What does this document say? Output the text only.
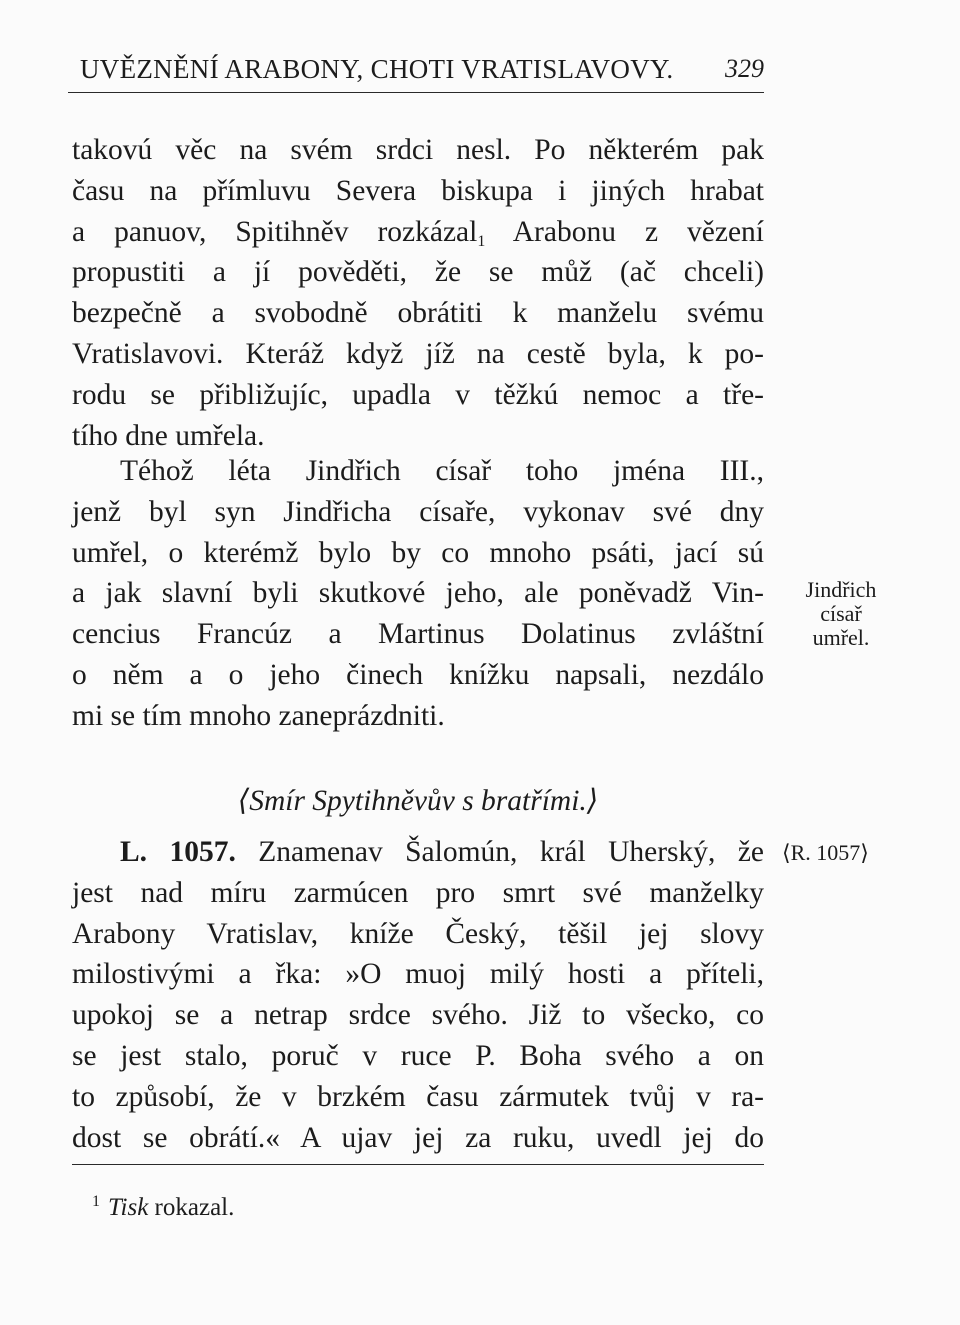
UVĚZNĚNÍ ARABONY, CHOTI VRATISLAVOVY. 329
takovú věc na svém srdci nesl. Po některém pak
času na přímluvu Severa biskupa i jiných hrabat
a panuov, Spitihněv rozkázal$_1$ Arabonu z vězení
propustiti a jí pověděti, že se můž (ač chceli)
bezpečně a svobodně obrátiti k manželu svému
Vratislavovi. Kteráž když jíž na cestě byla, k po-
rodu se přibližujíc, upadla v těžkú nemoc a tře-
tího dne umřela.
Téhož léta Jindřich císař toho jména III.,
jenž byl syn Jindřicha císaře, vykonav své dny
umřel, o kterémž bylo by co mnoho psáti, jací sú
a jak slavní byli skutkové jeho, ale poněvadž Vin-
cencius Francúz a Martinus Dolatinus zvláštní
o něm a o jeho činech knížku napsali, nezdálo
mi se tím mnoho zaneprázdniti.
Jindřich
císař
umřel.
⟨Smír Spytihněvův s bratřími.⟩
⟨R. 1057⟩
L. 1057. Znamenav Šalomún, král Uherský, že
jest nad míru zarmúcen pro smrt své manželky
Arabony Vratislav, kníže Český, těšil jej slovy
milostivými a řka: »O muoj milý hosti a příteli,
upokoj se a netrap srdce svého. Již to všecko, co
se jest stalo, poruč v ruce P. Boha svého a on
to způsobí, že v brzkém času zármutek tvůj v ra-
dost se obrátí.« A ujav jej za ruku, uvedl jej do
$^1$ Tisk rokazal.
